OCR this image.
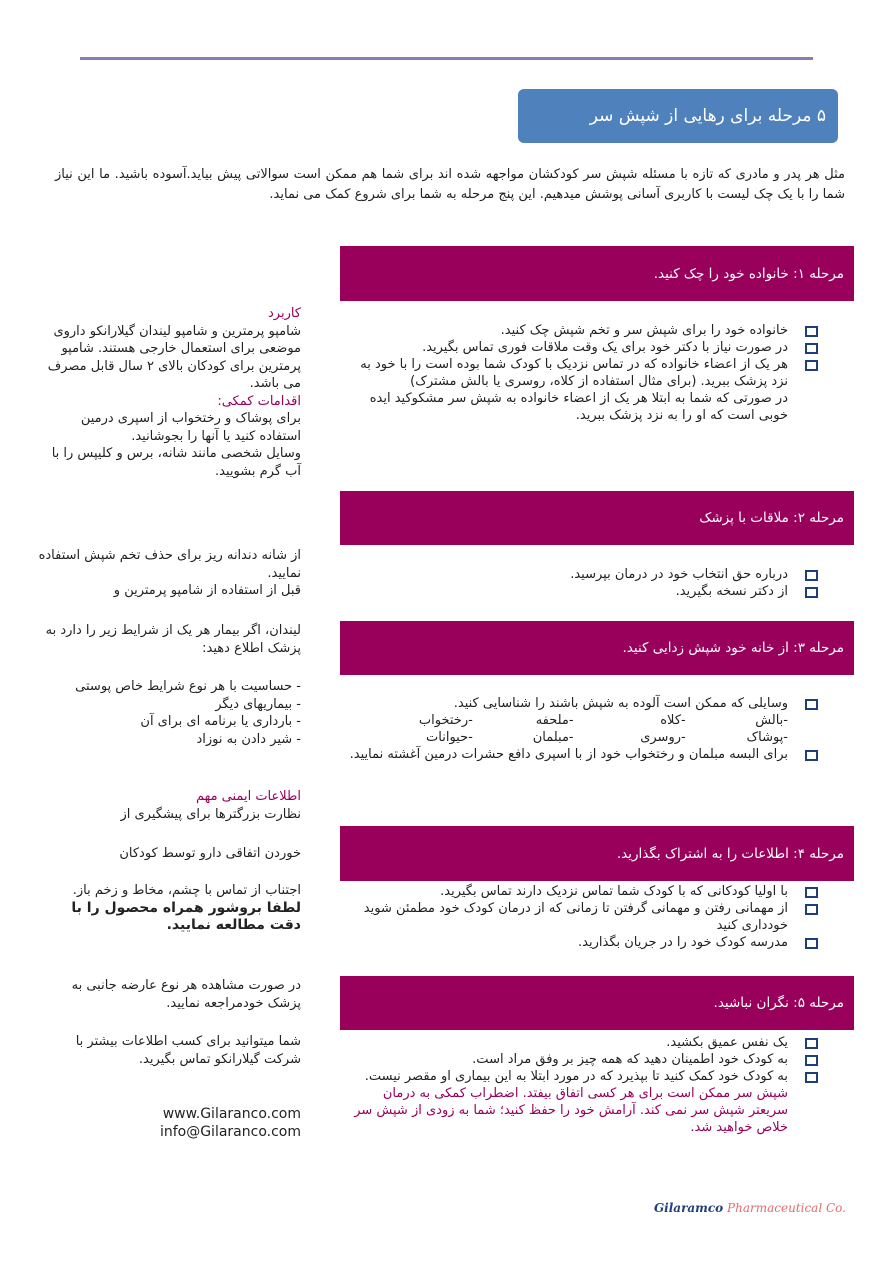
۵ مرحله برای رهایی از شپش سر
مثل هر پدر و مادری که تازه با مسئله شپش سر کودکشان مواجهه شده اند برای شما هم ممکن است سوالاتی پیش بیاید.آسوده باشید. ما این نیاز شما را با یک چک لیست با کاربری آسانی پوشش میدهیم. این پنج مرحله به شما برای شروع کمک می نماید.
مرحله ۱: خانواده خود را چک کنید.
خانواده خود را برای شپش سر و تخم شپش چک کنید.
در صورت نیاز با دکتر خود برای یک وقت ملاقات فوری تماس بگیرید.
هر یک از اعضاء خانواده که در تماس نزدیک با کودک شما بوده است را با خود به نزد پزشک ببرید. (برای مثال استفاده از کلاه، روسری یا بالش مشترک)
در صورتی که شما به ابتلا هر یک از اعضاء خانواده به شپش سر مشکوکید ایده خوبی است که او را به نزد پزشک ببرید.
مرحله ۲: ملاقات با پزشک
درباره حق انتخاب خود در درمان بپرسید.
از دکتر نسخه بگیرید.
مرحله ۳: از خانه خود شپش زدایی کنید.
وسایلی که ممکن است آلوده به شپش باشند را شناسایی کنید.
-بالش	-کلاه	-ملحفه	-رختخواب
-پوشاک	-روسری	-مبلمان	-حیوانات
برای البسه مبلمان و رختخواب خود از با اسپری دافع حشرات درمین آغشته نمایید.
مرحله ۴: اطلاعات را به اشتراک بگذارید.
با اولیا کودکانی که با کودک شما تماس نزدیک دارند تماس بگیرید.
از مهمانی رفتن و مهمانی گرفتن تا زمانی که از درمان کودک خود مطمئن شوید خودداری کنید
مدرسه کودک خود را در جریان بگذارید.
مرحله ۵: نگران نباشید.
یک نفس عمیق بکشید.
به کودک خود اطمینان دهید که همه چیز بر وفق مراد است.
به کودک خود کمک کنید تا بپذیرد که در مورد ابتلا به این بیماری او مقصر نیست.
شپش سر ممکن است برای هر کسی اتفاق بیفتد. اضطراب کمکی به درمان سریعتر شپش سر نمی کند. آرامش خود را حفظ کنید؛ شما به زودی از شپش سر خلاص خواهید شد.

کاربرد

شامپو پرمترین و شامپو لیندان گیلارانکو داروی موضعی برای استعمال خارجی هستند. شامپو پرمترین برای کودکان بالای ۲ سال قابل مصرف می باشد.

اقدامات کمکی:

برای پوشاک و رختخواب از اسپری درمین استفاده کنید یا آنها را بجوشانید.

وسایل شخصی مانند شانه، برس و کلیپس را با آب گرم بشویید.

از شانه دندانه ریز برای حذف تخم شپش استفاده نمایید.

قبل از استفاده از شامپو پرمترین و

لیندان، اگر بیمار هر یک از شرایط زیر را دارد به پزشک اطلاع دهید:

- حساسیت با هر نوع شرایط خاص پوستی

- بیماریهای دیگر

- بارداری یا برنامه ای برای آن

- شیر دادن به نوزاد

اطلاعات ایمنی مهم

نظارت بزرگترها برای پیشگیری از

خوردن اتفاقی دارو توسط کودکان

اجتناب از تماس با چشم، مخاط و زخم باز.

لطفا بروشور همراه محصول را با دقت مطالعه نمایید.

در صورت مشاهده هر نوع عارضه جانبی به پزشک خودمراجعه نمایید.

شما میتوانید برای کسب اطلاعات بیشتر با شرکت گیلارانکو تماس بگیرید.

www.Gilaranco.com

info@Gilaranco.com

Gilaramco Pharmaceutical Co.
